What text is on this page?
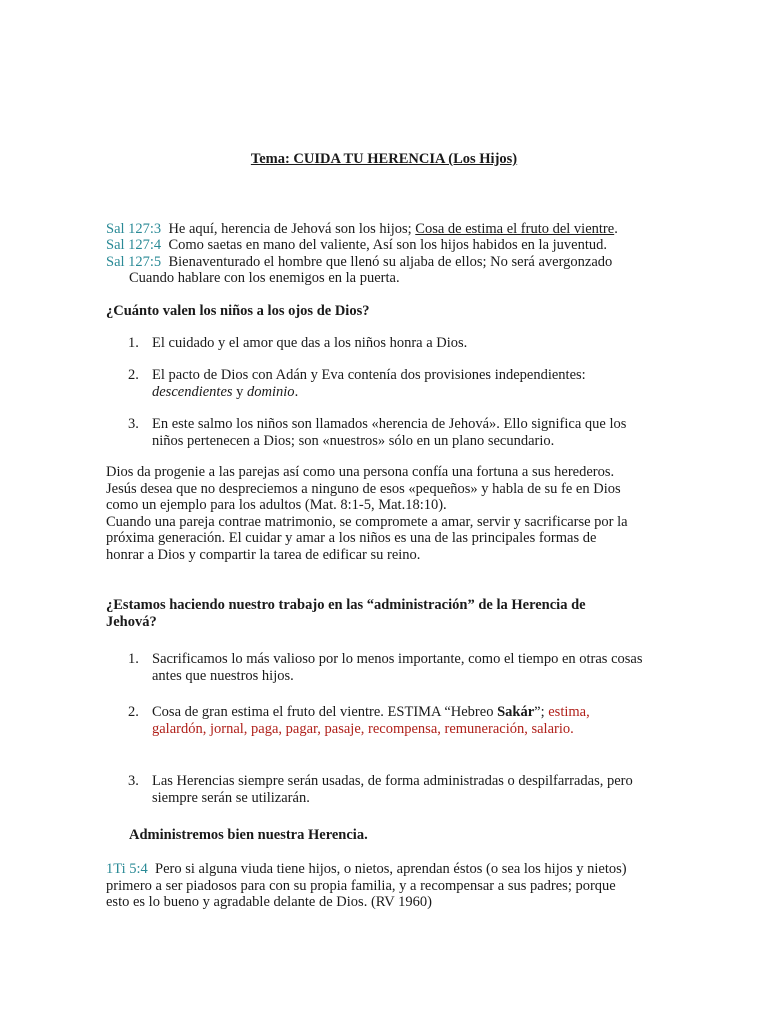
Tema: CUIDA TU HERENCIA (Los Hijos)
Sal 127:3 He aquí, herencia de Jehová son los hijos; Cosa de estima el fruto del vientre.
Sal 127:4 Como saetas en mano del valiente, Así son los hijos habidos en la juventud.
Sal 127:5 Bienaventurado el hombre que llenó su aljaba de ellos; No será avergonzado
Cuando hablare con los enemigos en la puerta.
¿Cuánto valen los niños a los ojos de Dios?
1. El cuidado y el amor que das a los niños honra a Dios.
2. El pacto de Dios con Adán y Eva contenía dos provisiones independientes:
descendientes y dominio.
3. En este salmo los niños son llamados «herencia de Jehová». Ello significa que los niños pertenecen a Dios; son «nuestros» sólo en un plano secundario.
Dios da progenie a las parejas así como una persona confía una fortuna a sus herederos.
Jesús desea que no despreciemos a ninguno de esos «pequeños» y habla de su fe en Dios
como un ejemplo para los adultos (Mat. 8:1-5, Mat.18:10).
Cuando una pareja contrae matrimonio, se compromete a amar, servir y sacrificarse por la
próxima generación. El cuidar y amar a los niños es una de las principales formas de
honrar a Dios y compartir la tarea de edificar su reino.
¿Estamos haciendo nuestro trabajo en las “administración” de la Herencia de
Jehová?
1. Sacrificamos lo más valioso por lo menos importante, como el tiempo en otras cosas antes que nuestros hijos.
2. Cosa de gran estima el fruto del vientre. ESTIMA “Hebreo Sakár”; estima,
galardón, jornal, paga, pagar, pasaje, recompensa, remuneración, salario.
3. Las Herencias siempre serán usadas, de forma administradas o despilfarradas, pero siempre serán se utilizarán.
Administremos bien nuestra Herencia.
1Ti 5:4 Pero si alguna viuda tiene hijos, o nietos, aprendan éstos (o sea los hijos y nietos)
primero a ser piadosos para con su propia familia, y a recompensar a sus padres; porque
esto es lo bueno y agradable delante de Dios. (RV 1960)
